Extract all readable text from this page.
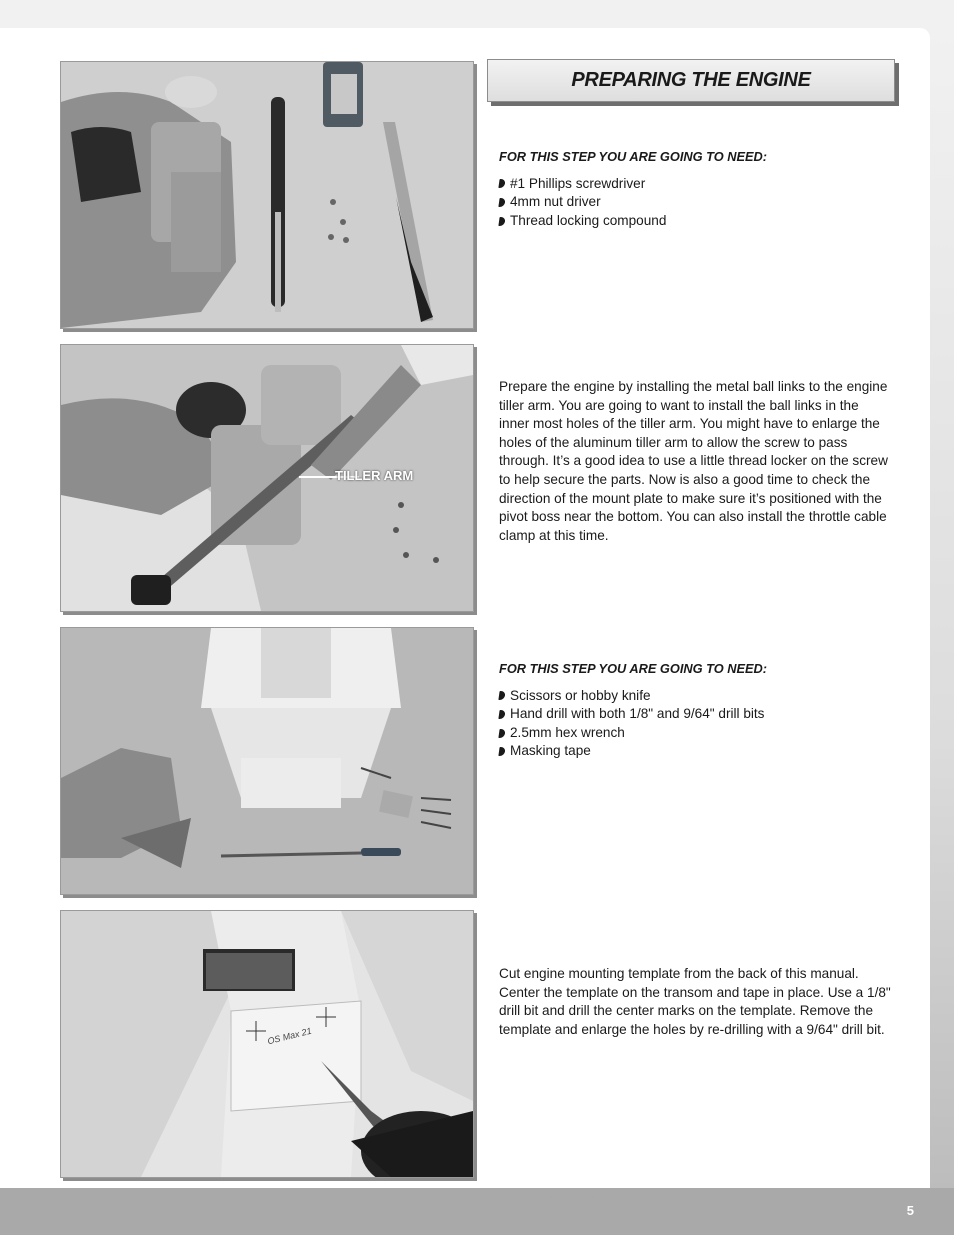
TILLER ARM
OS Max 21
PREPARING THE ENGINE
FOR THIS STEP YOU ARE GOING TO NEED:
#1 Phillips screwdriver
4mm nut driver
Thread locking compound

Prepare the engine by installing the metal ball links to the engine tiller arm. You are going to want to install the ball links in the inner most holes of the tiller arm. You might have to enlarge the holes of the aluminum tiller arm to allow the screw to pass through. It’s a good idea to use a little thread locker on the screw to help secure the parts. Now is also a good time to check the direction of the mount plate to make sure it’s positioned with the pivot boss near the bottom. You can also install the throttle cable clamp at this time.

FOR THIS STEP YOU ARE GOING TO NEED:
Scissors or hobby knife
Hand drill with both 1/8" and 9/64" drill bits
2.5mm hex wrench
Masking tape

Cut engine mounting template from the back of this manual. Center the template on the transom and tape in place. Use a 1/8" drill bit and drill the center marks on the template. Remove the template and enlarge the holes by re-drilling with a 9/64" drill bit.

5
